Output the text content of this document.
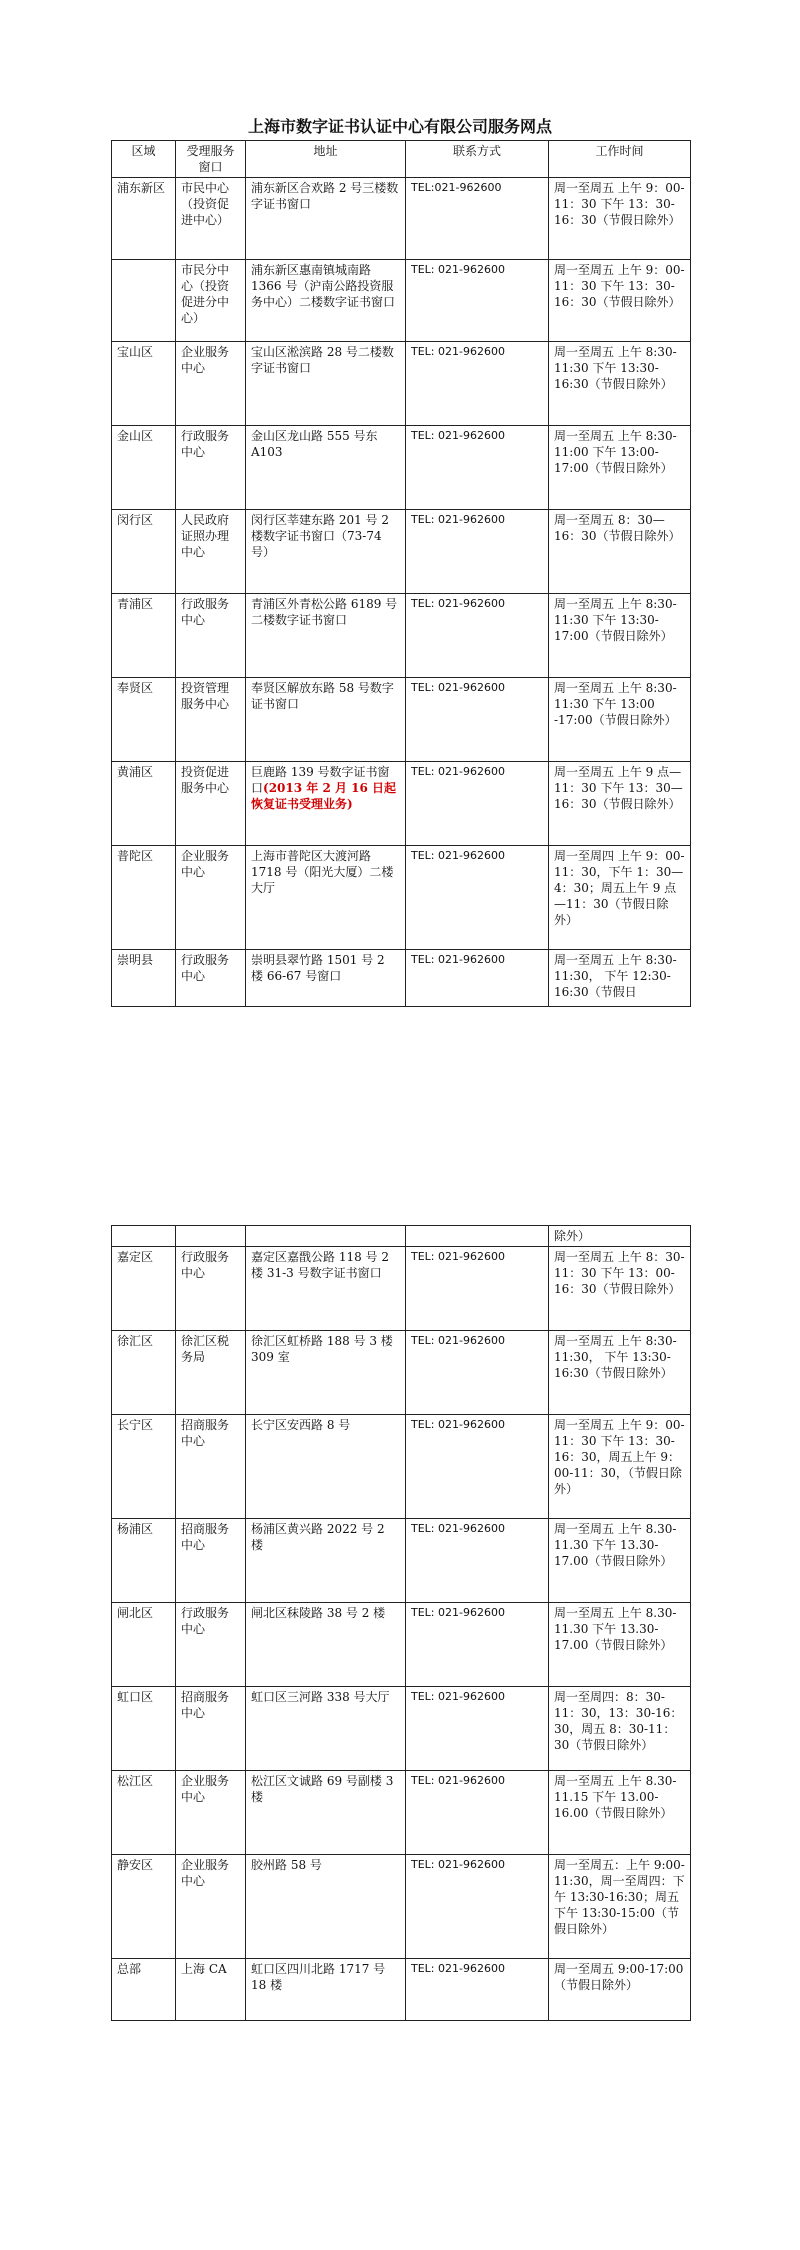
上海市数字证书认证中心有限公司服务网点
区域	受理服务窗口	地址	联系方式	工作时间
浦东新区	市民中心（投资促进中心）	浦东新区合欢路 2 号三楼数字证书窗口	TEL:021-962600	周一至周五 上午 9：00-11：30 下午 13：30-16：30（节假日除外）
	市民分中心（投资促进分中心）	浦东新区惠南镇城南路 1366 号（沪南公路投资服务中心）二楼数字证书窗口	TEL: 021-962600	周一至周五 上午 9：00-11：30 下午 13：30-16：30（节假日除外）
宝山区	企业服务中心	宝山区淞滨路 28 号二楼数字证书窗口	TEL: 021-962600	周一至周五 上午 8:30-11:30 下午 13:30-16:30（节假日除外）
金山区	行政服务中心	金山区龙山路 555 号东 A103	TEL: 021-962600	周一至周五 上午 8:30-11:00 下午 13:00-17:00（节假日除外）
闵行区	人民政府证照办理中心	闵行区莘建东路 201 号 2 楼数字证书窗口（73-74 号）	TEL: 021-962600	周一至周五 8：30—16：30（节假日除外）
青浦区	行政服务中心	青浦区外青松公路 6189 号二楼数字证书窗口	TEL: 021-962600	周一至周五 上午 8:30-11:30 下午 13:30-17:00（节假日除外）
奉贤区	投资管理服务中心	奉贤区解放东路 58 号数字证书窗口	TEL: 021-962600	周一至周五 上午 8:30-11:30 下午 13:00 -17:00（节假日除外）
黄浦区	投资促进服务中心	巨鹿路 139 号数字证书窗口(2013 年 2 月 16 日起恢复证书受理业务)	TEL: 021-962600	周一至周五 上午 9 点—11：30 下午 13：30—16：30（节假日除外）
普陀区	企业服务中心	上海市普陀区大渡河路 1718 号（阳光大厦）二楼大厅	TEL: 021-962600	周一至周四 上午 9：00-11：30，下午 1：30—4：30；周五上午 9 点—11：30（节假日除外）
崇明县	行政服务中心	崇明县翠竹路 1501 号 2 楼 66-67 号窗口	TEL: 021-962600	周一至周五 上午 8:30-11:30， 下午 12:30-16:30（节假日
				除外）
嘉定区	行政服务中心	嘉定区嘉戬公路 118 号 2 楼 31-3 号数字证书窗口	TEL: 021-962600	周一至周五 上午 8：30-11：30 下午 13：00-16：30（节假日除外）
徐汇区	徐汇区税务局	徐汇区虹桥路 188 号 3 楼 309 室	TEL: 021-962600	周一至周五 上午 8:30-11:30， 下午 13:30-16:30（节假日除外）
长宁区	招商服务中心	长宁区安西路 8 号	TEL: 021-962600	周一至周五 上午 9：00-11：30 下午 13：30-16：30，周五上午 9：00-11：30，（节假日除外）
杨浦区	招商服务中心	杨浦区黄兴路 2022 号 2 楼	TEL: 021-962600	周一至周五 上午 8.30-11.30 下午 13.30-17.00（节假日除外）
闸北区	行政服务中心	闸北区秣陵路 38 号 2 楼	TEL: 021-962600	周一至周五 上午 8.30-11.30 下午 13.30-17.00（节假日除外）
虹口区	招商服务中心	虹口区三河路 338 号大厅	TEL: 021-962600	周一至周四：8：30-11：30，13：30-16：30，周五 8：30-11：30（节假日除外）
松江区	企业服务中心	松江区文诚路 69 号副楼 3 楼	TEL: 021-962600	周一至周五 上午 8.30-11.15 下午 13.00-16.00（节假日除外）
静安区	企业服务中心	胶州路 58 号	TEL: 021-962600	周一至周五：上午 9:00-11:30，周一至周四：下午 13:30-16:30；周五下午 13:30-15:00（节假日除外）
总部	上海 CA	虹口区四川北路 1717 号 18 楼	TEL: 021-962600	周一至周五 9:00-17:00（节假日除外）
